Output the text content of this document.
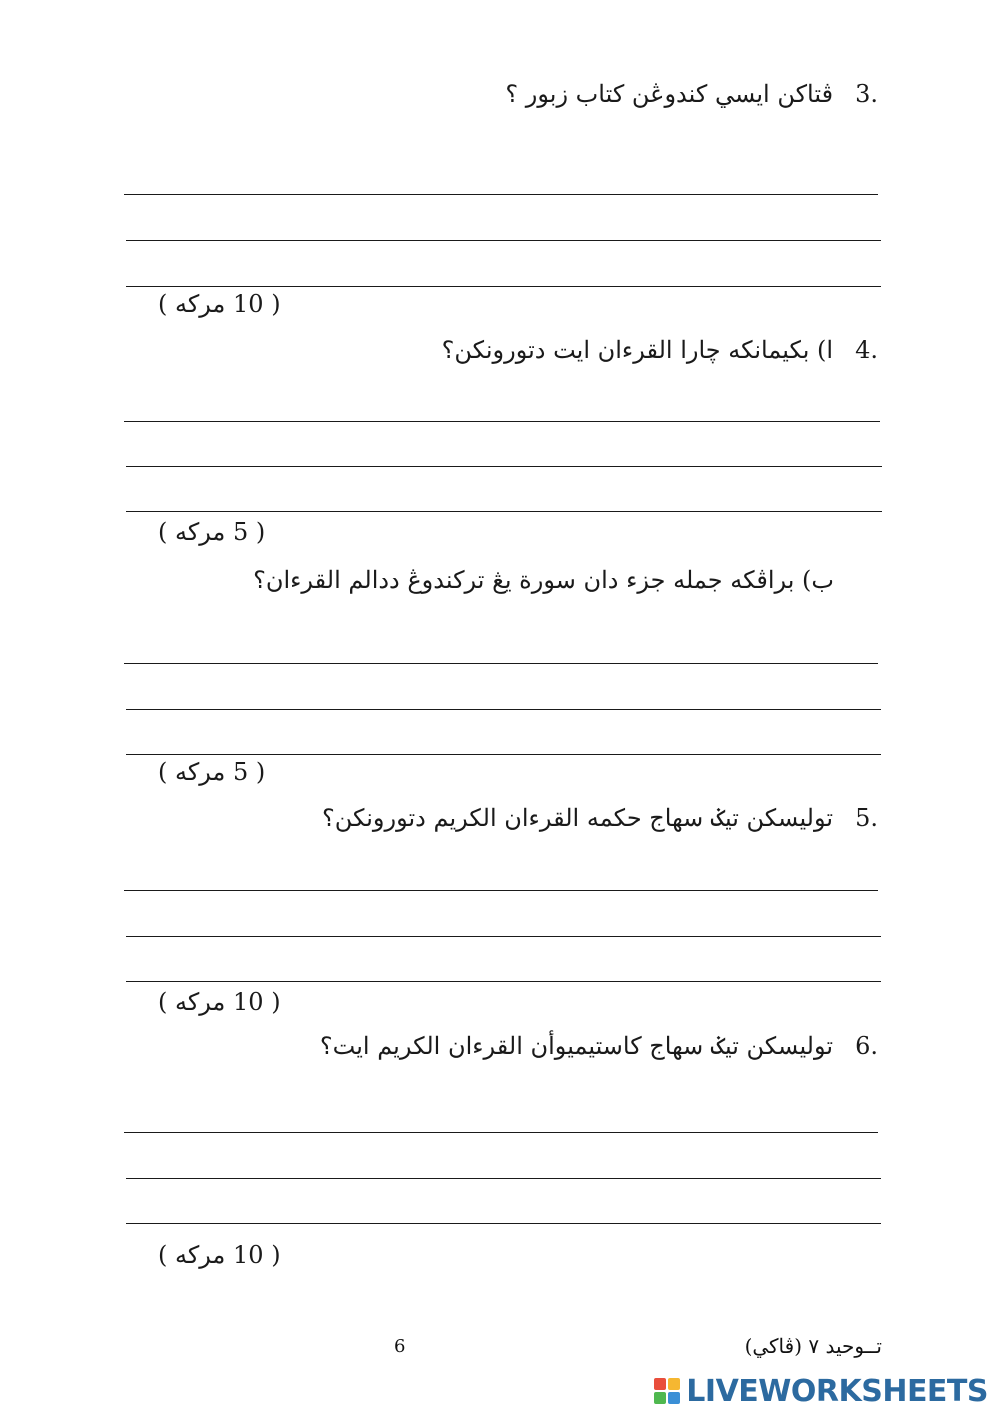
.3ڤتاکن ايسي کندوڠن کتاب زبور ؟
( 10 مرکه )
.4ا) بکيمانکه چارا القرءان ايت دتورونکن؟
( 5 مرکه )
ب) براڤکه جمله جزء دان سورة يڠ ترکندوڠ ددالم القرءان؟
( 5 مرکه )
.5توليسکن تيݢ سهاج حکمه القرءان الکريم دتورونکن؟
( 10 مرکه )
.6توليسکن تيݢ سهاج کاستيميوأن القرءان الکريم ايت؟
( 10 مرکه )
تــوحيد ٧ (ڤاکي)
6
LIVEWORKSHEETS
